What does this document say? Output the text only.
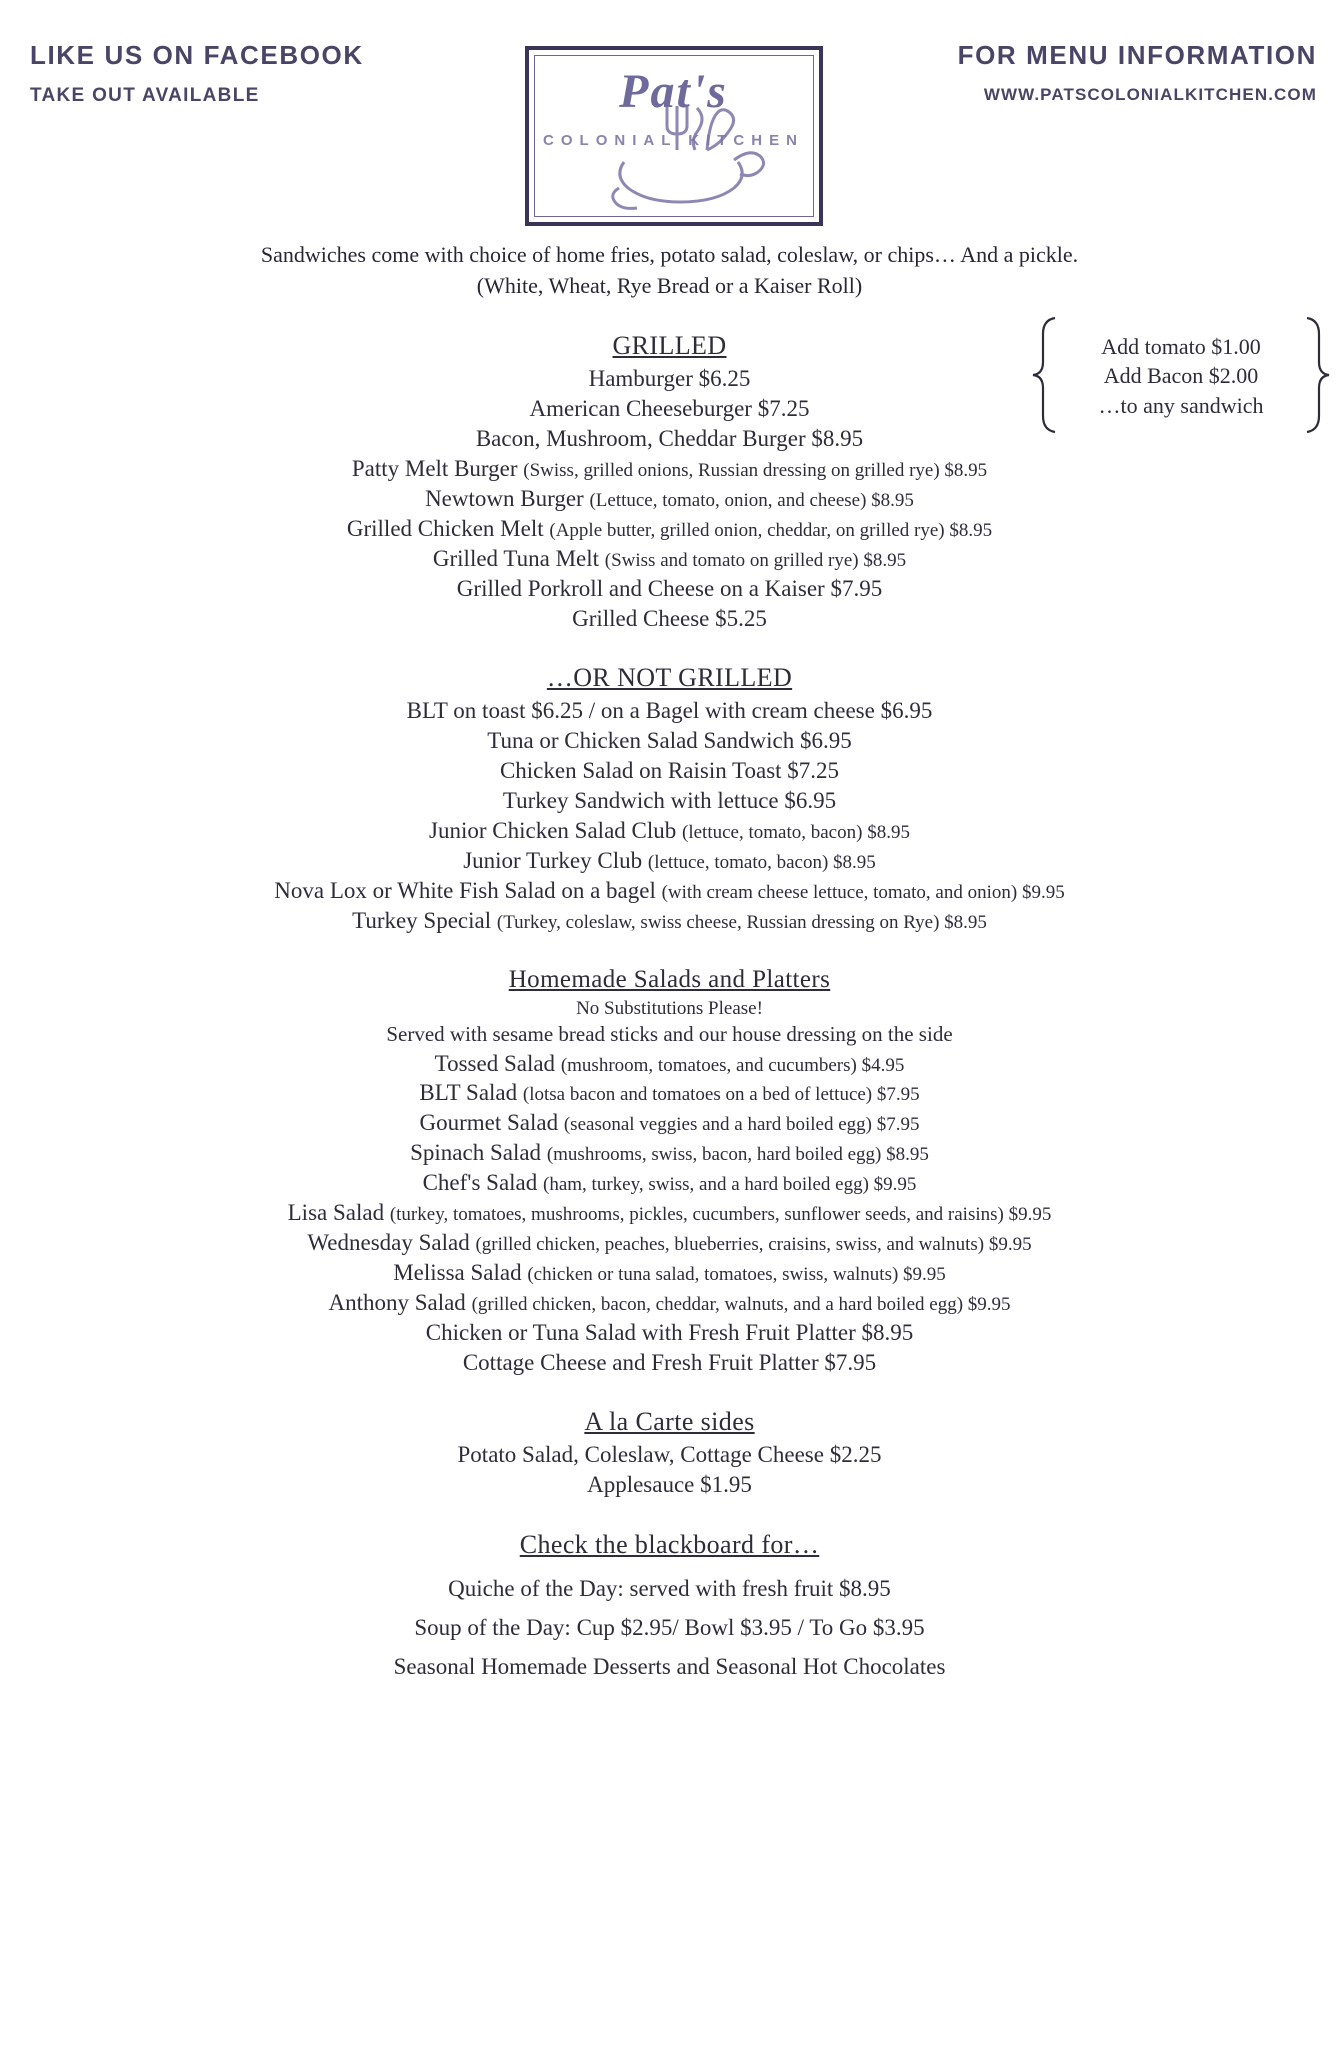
LIKE US ON FACEBOOK
TAKE OUT AVAILABLE	Pat's
COLONIAL KITCHEN
FOR MENU INFORMATION
WWW.PATSCOLONIALKITCHEN.COM
Sandwiches come with choice of home fries, potato salad, coleslaw, or chips… And a pickle.
(White, Wheat, Rye Bread or a Kaiser Roll)
Add tomato $1.00
Add Bacon $2.00
…to any sandwich
GRILLED
Hamburger $6.25
American Cheeseburger $7.25
Bacon, Mushroom, Cheddar Burger $8.95
Patty Melt Burger (Swiss, grilled onions, Russian dressing on grilled rye) $8.95
Newtown Burger (Lettuce, tomato, onion, and cheese) $8.95
Grilled Chicken Melt (Apple butter, grilled onion, cheddar, on grilled rye) $8.95
Grilled Tuna Melt (Swiss and tomato on grilled rye) $8.95
Grilled Porkroll and Cheese on a Kaiser $7.95
Grilled Cheese $5.25
…OR NOT GRILLED
BLT on toast $6.25 / on a Bagel with cream cheese $6.95
Tuna or Chicken Salad Sandwich $6.95
Chicken Salad on Raisin Toast $7.25
Turkey Sandwich with lettuce $6.95
Junior Chicken Salad Club (lettuce, tomato, bacon) $8.95
Junior Turkey Club (lettuce, tomato, bacon) $8.95
Nova Lox or White Fish Salad on a bagel (with cream cheese lettuce, tomato, and onion) $9.95
Turkey Special (Turkey, coleslaw, swiss cheese, Russian dressing on Rye) $8.95
Homemade Salads and Platters
No Substitutions Please!
Served with sesame bread sticks and our house dressing on the side
Tossed Salad (mushroom, tomatoes, and cucumbers) $4.95
BLT Salad (lotsa bacon and tomatoes on a bed of lettuce) $7.95
Gourmet Salad (seasonal veggies and a hard boiled egg) $7.95
Spinach Salad (mushrooms, swiss, bacon, hard boiled egg) $8.95
Chef's Salad (ham, turkey, swiss, and a hard boiled egg) $9.95
Lisa Salad (turkey, tomatoes, mushrooms, pickles, cucumbers, sunflower seeds, and raisins) $9.95
Wednesday Salad (grilled chicken, peaches, blueberries, craisins, swiss, and walnuts) $9.95
Melissa Salad (chicken or tuna salad, tomatoes, swiss, walnuts) $9.95
Anthony Salad (grilled chicken, bacon, cheddar, walnuts, and a hard boiled egg) $9.95
Chicken or Tuna Salad with Fresh Fruit Platter $8.95
Cottage Cheese and Fresh Fruit Platter $7.95
A la Carte sides
Potato Salad, Coleslaw, Cottage Cheese $2.25
Applesauce $1.95
Check the blackboard for…
Quiche of the Day: served with fresh fruit $8.95
Soup of the Day: Cup $2.95/ Bowl $3.95 / To Go $3.95
Seasonal Homemade Desserts and Seasonal Hot Chocolates
